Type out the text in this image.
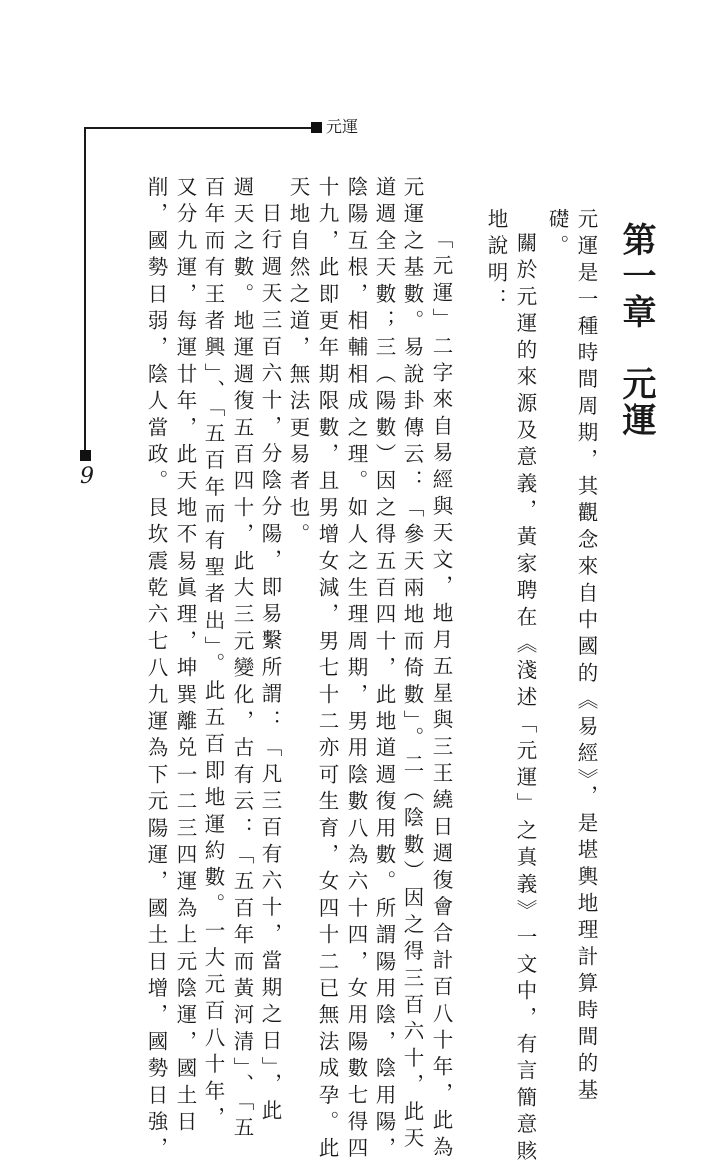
元運
9
第一章　元運
元運是一種時間周期，其觀念來自中國的《易經》，是堪輿地理計算時間的基
礎。
關於元運的來源及意義，黃家聘在《淺述「元運」之真義》一文中，有言簡意賅
地說明：
「元運」二字來自易經與天文，地月五星與三王繞日週復會合計百八十年，此為
元運之基數。易說卦傳云：「參天兩地而倚數」。二（陰數）因之得三百六十，此天
道週全天數；三（陽數）因之得五百四十，此地道週復用數。所謂陽用陰，陰用陽，
陰陽互根，相輔相成之理。如人之生理周期，男用陰數八為六十四，女用陽數七得四
十九，此即更年期限數，且男增女減，男七十二亦可生育，女四十二已無法成孕。此
天地自然之道，無法更易者也。
日行週天三百六十，分陰分陽，即易繫所謂：「凡三百有六十，當期之日」，此
週天之數。地運週復五百四十，此大三元變化，古有云：「五百年而黃河清」、「五
百年而有王者興」、「五百年而有聖者出」。此五百即地運約數。一大元百八十年，
又分九運，每運廿年，此天地不易眞理，坤巽離兑一二三四運為上元陰運，國土日
削，國勢日弱，陰人當政。艮坎震乾六七八九運為下元陽運，國土日增，國勢日強，
